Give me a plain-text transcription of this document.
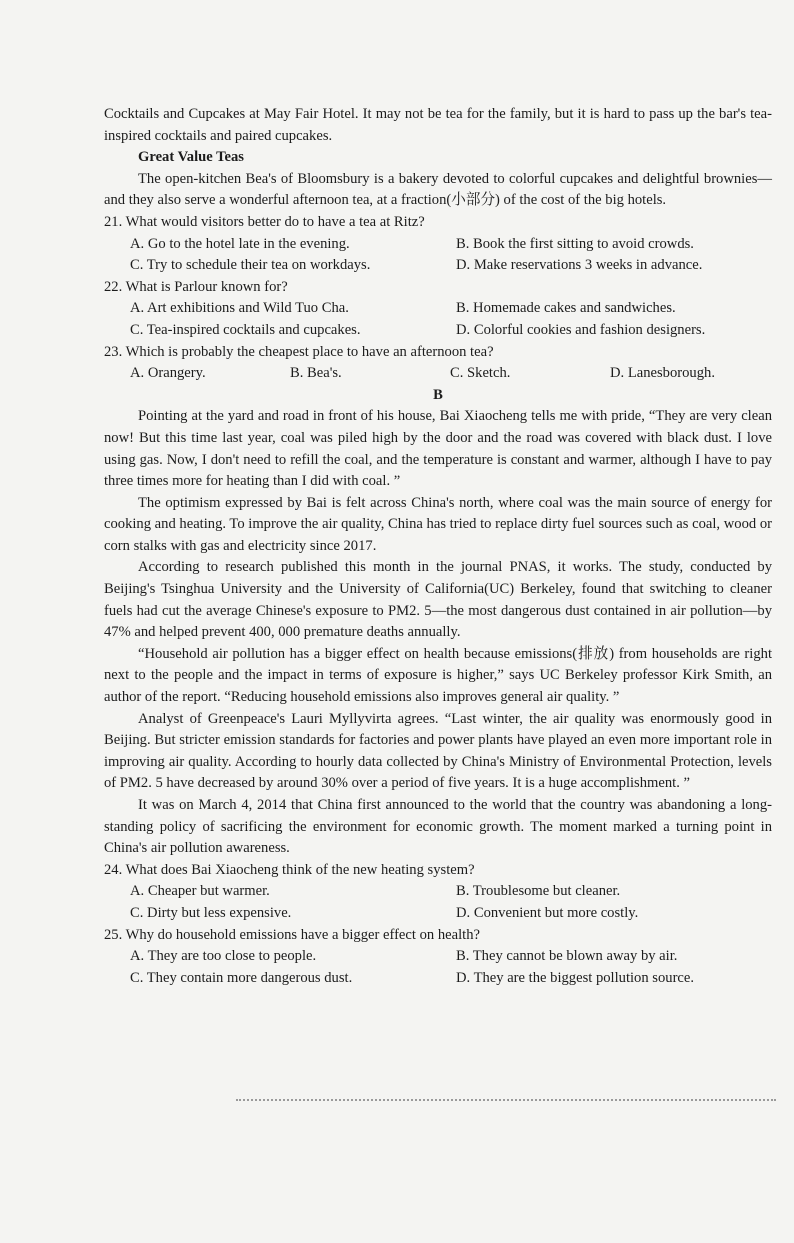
Cocktails and Cupcakes at May Fair Hotel. It may not be tea for the family, but it is hard to pass up the bar's tea-inspired cocktails and paired cupcakes.

Great Value Teas

The open-kitchen Bea's of Bloomsbury is a bakery devoted to colorful cupcakes and delightful brownies—and they also serve a wonderful afternoon tea, at a fraction(小部分) of the cost of the big hotels.

21. What would visitors better do to have a tea at Ritz?

A. Go to the hotel late in the evening.	B. Book the first sitting to avoid crowds.
C. Try to schedule their tea on workdays.	D. Make reservations 3 weeks in advance.

22. What is Parlour known for?

A. Art exhibitions and Wild Tuo Cha.	B. Homemade cakes and sandwiches.
C. Tea-inspired cocktails and cupcakes.	D. Colorful cookies and fashion designers.

23. Which is probably the cheapest place to have an afternoon tea?

A. Orangery.	B. Bea's.	C. Sketch.	D. Lanesborough.

B

Pointing at the yard and road in front of his house, Bai Xiaocheng tells me with pride, “They are very clean now! But this time last year, coal was piled high by the door and the road was covered with black dust. I love using gas. Now, I don't need to refill the coal, and the temperature is constant and warmer, although I have to pay three times more for heating than I did with coal. ”

The optimism expressed by Bai is felt across China's north, where coal was the main source of energy for cooking and heating. To improve the air quality, China has tried to replace dirty fuel sources such as coal, wood or corn stalks with gas and electricity since 2017.

According to research published this month in the journal PNAS, it works. The study, conducted by Beijing's Tsinghua University and the University of California(UC) Berkeley, found that switching to cleaner fuels had cut the average Chinese's exposure to PM2. 5—the most dangerous dust contained in air pollution—by 47% and helped prevent 400, 000 premature deaths annually.

“Household air pollution has a bigger effect on health because emissions(排放) from households are right next to the people and the impact in terms of exposure is higher,” says UC Berkeley professor Kirk Smith, an author of the report. “Reducing household emissions also improves general air quality. ”

Analyst of Greenpeace's Lauri Myllyvirta agrees. “Last winter, the air quality was enormously good in Beijing. But stricter emission standards for factories and power plants have played an even more important role in improving air quality. According to hourly data collected by China's Ministry of Environmental Protection, levels of PM2. 5 have decreased by around 30% over a period of five years. It is a huge accomplishment. ”

It was on March 4, 2014 that China first announced to the world that the country was abandoning a long-standing policy of sacrificing the environment for economic growth. The moment marked a turning point in China's air pollution awareness.

24. What does Bai Xiaocheng think of the new heating system?

A. Cheaper but warmer.	B. Troublesome but cleaner.
C. Dirty but less expensive.	D. Convenient but more costly.

25. Why do household emissions have a bigger effect on health?

A. They are too close to people.	B. They cannot be blown away by air.
C. They contain more dangerous dust.	D. They are the biggest pollution source.
